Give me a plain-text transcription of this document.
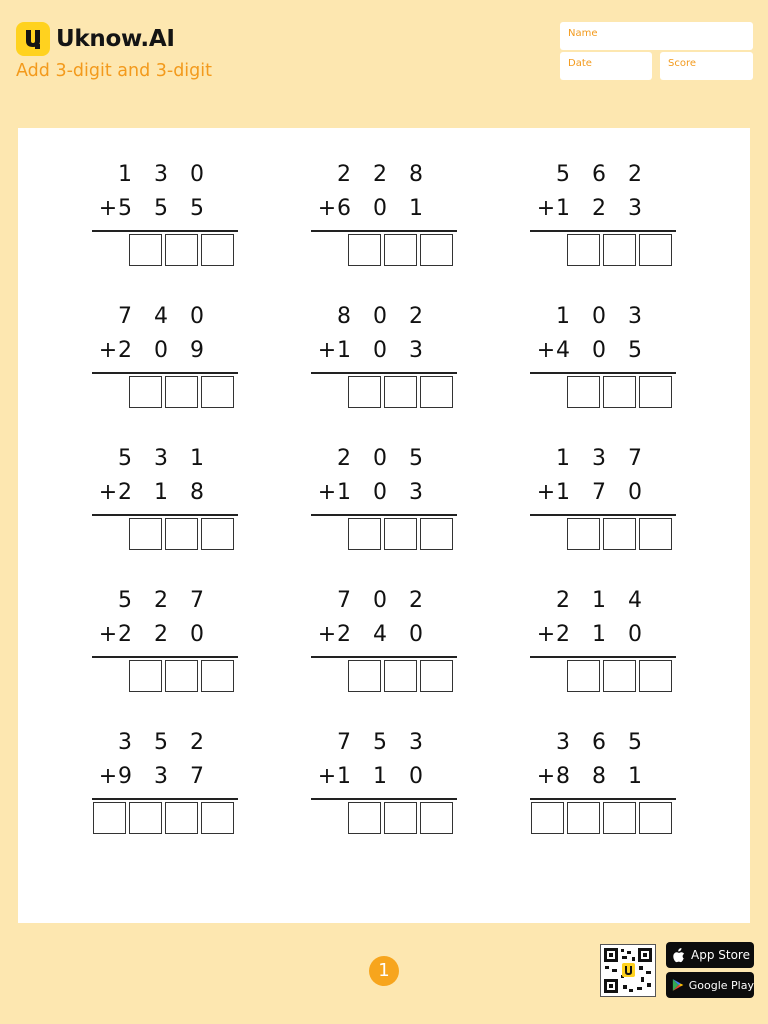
Uknow.AI
Add 3-digit and 3-digit
Name
Date	Score
1	3	0
5	5	5
+
2	2	8
6	0	1
+
5	6	2
1	2	3
+
7	4	0
2	0	9
+
8	0	2
1	0	3
+
1	0	3
4	0	5
+
5	3	1
2	1	8
+
2	0	5
1	0	3
+
1	3	7
1	7	0
+
5	2	7
2	2	0
+
7	0	2
2	4	0
+
2	1	4
2	1	0
+
3	5	2
9	3	7
+
7	5	3
1	1	0
+
3	6	5
8	8	1
+
1
App Store
Google Play
